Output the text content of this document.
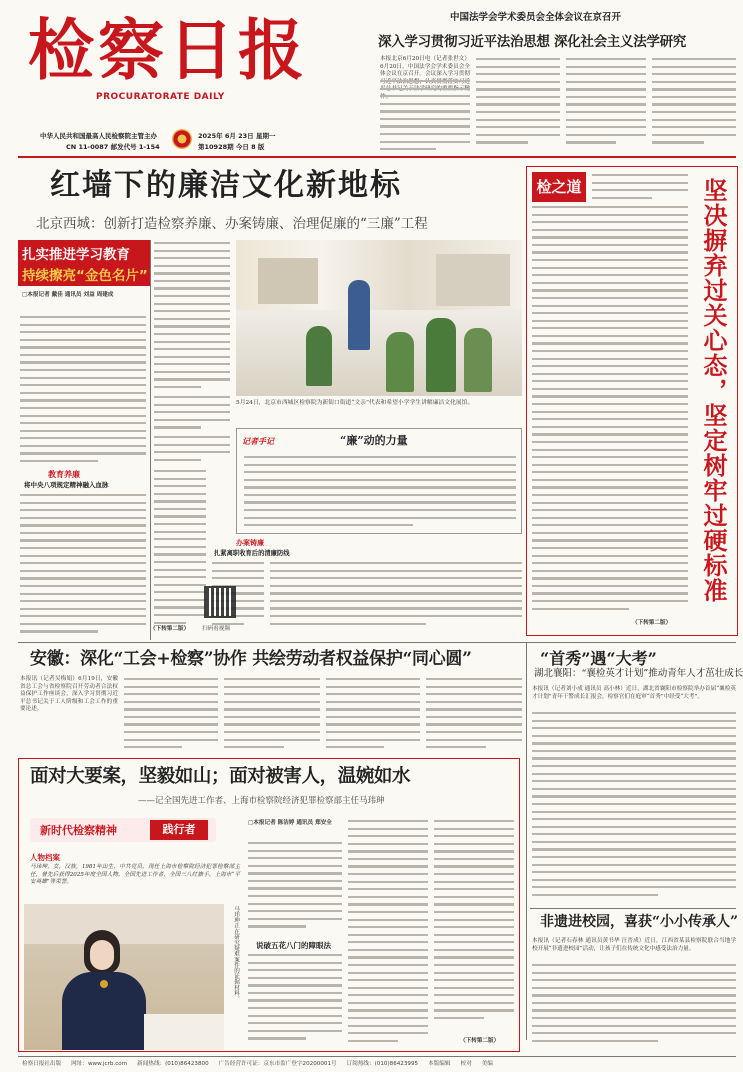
检察日报
PROCURATORATE DAILY
中华人民共和国最高人民检察院主管主办
CN 11-0087 邮发代号 1-154
2025年 6月 23日 星期一
第10928期 今日 8 版
中国法学会学术委员会全体会议在京召开
深入学习贯彻习近平法治思想 深化社会主义法学研究
本报北京6月20日电（记者张世文）6月20日，中国法学会学术委员会全体会议在京召开。会议深入学习贯彻
红墙下的廉洁文化新地标
北京西城：创新打造检察养廉、办案铸廉、治理促廉的“三廉”工程
扎实推进学习教育
持续擦亮“金色名片”
□本报记者 戴佳 通讯员 刘益 周建成
教育养廉
将中央八项规定精神融入血脉
5月24日，北京市西城区检察院为新街口街道“文亲”代表和希望小学学生讲解廉洁文化展馆。
记者手记	“廉”动的力量
办案铸廉
扎紧离职收育后的清廉防线
（下转第二版）	扫码看视频
检之道
（下转第二版）
坚决摒弃过关心态，坚定树牢过硬标准
安徽：深化“工会+检察”协作 共绘劳动者权益保护“同心圆”
本报讯（记者吴梅娟）6月19日，安徽省总工会与省检察院召开劳动者合法权益保护工作座谈会，深入学习贯彻习近平总书记关于工人阶级和工会工作的重要论述。
“首秀”遇“大考”
湖北襄阳：“襄检英才计划”推动青年人才茁壮成长
本报讯（记者刘小成 通讯员 高小林）近日，湖北省襄阳市检察院举办首届“襄检英才计划”青年干警成长汇报会，检察官们在庭审“首秀”中经受“大考”。
非遗进校园，喜获“小小传承人”
本报讯（记者石春林 通讯员黄书华 汪晋成）近日，江西省某县检察院联合当地学校开展“非遗进校园”活动，让孩子们在传统文化中感受法治力量。
面对大要案，坚毅如山；面对被害人，温婉如水
——记全国先进工作者、上海市检察院经济犯罪检察部主任马玮珅
新时代检察精神	践行者
人物档案
马玮珅，女，汉族，1981年出生，中共党员，现任上海市检察院经济犯罪检察部主任，曾先后获得2025年度全国人物、全国先进工作者、全国三八红旗手、上海市“平安英雄”等荣誉。
马玮珅正在研究疑难案件的证据材料。
□本报记者 陈洁婷 通讯员 郑安全
说破五花八门的障眼法
（下转第二版）
检察日报社出版 网址：www.jcrb.com 新闻热线：(010)86423800 广告经营许可证：京东市监广登字20200001号 订阅热线：(010)86423995 本版编辑 校对 美编
